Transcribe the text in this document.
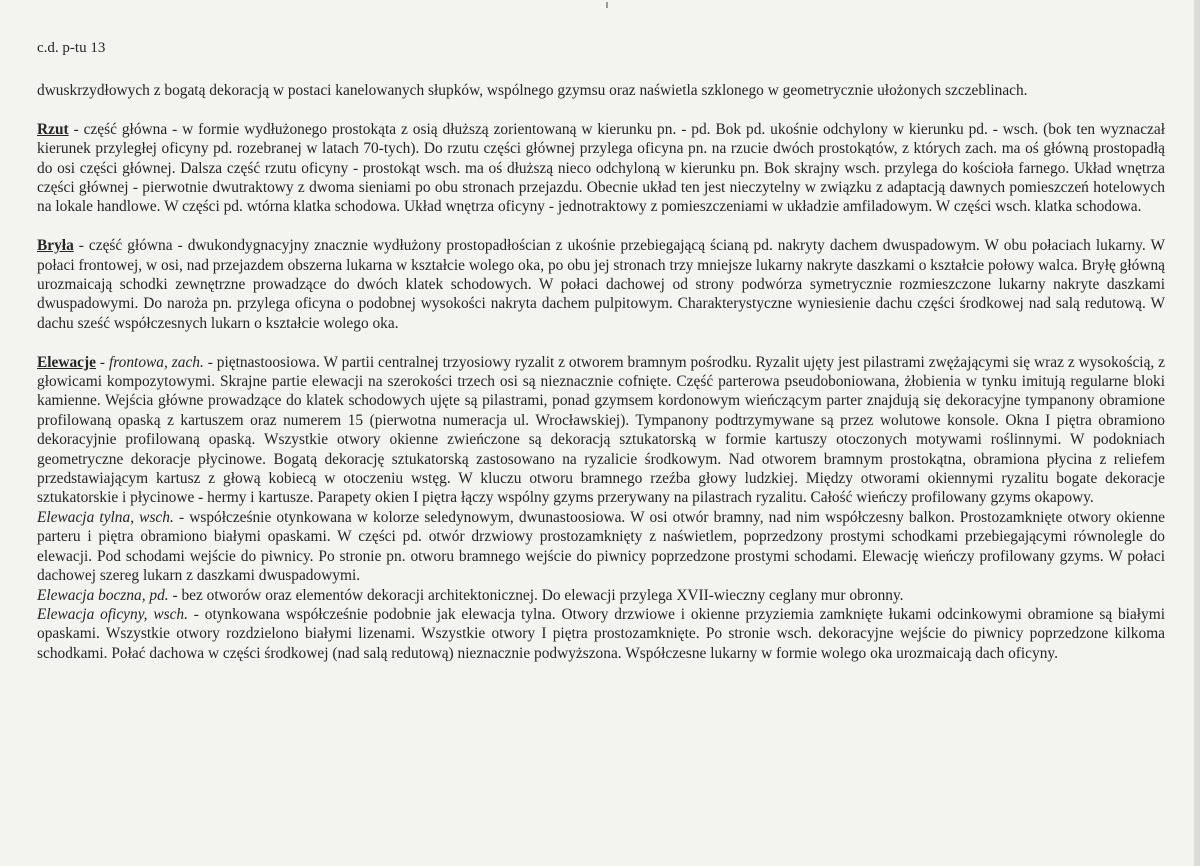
c.d. p-tu 13

dwuskrzydłowych z bogatą dekoracją w postaci kanelowanych słupków, wspólnego gzymsu oraz naświetla szklonego w geometrycznie ułożonych szczeblinach.

Rzut - część główna - w formie wydłużonego prostokąta z osią dłuższą zorientowaną w kierunku pn. - pd. Bok pd. ukośnie odchylony w kierunku pd. - wsch. (bok ten wyznaczał kierunek przyległej oficyny pd. rozebranej w latach 70-tych). Do rzutu części głównej przylega oficyna pn. na rzucie dwóch prostokątów, z których zach. ma oś główną prostopadłą do osi części głównej. Dalsza część rzutu oficyny - prostokąt wsch. ma oś dłuższą nieco odchyloną w kierunku pn. Bok skrajny wsch. przylega do kościoła farnego. Układ wnętrza części głównej - pierwotnie dwutraktowy z dwoma sieniami po obu stronach przejazdu. Obecnie układ ten jest nieczytelny w związku z adaptacją dawnych pomieszczeń hotelowych na lokale handlowe. W części pd. wtórna klatka schodowa. Układ wnętrza oficyny - jednotraktowy z pomieszczeniami w układzie amfiladowym. W części wsch. klatka schodowa.

Bryła - część główna - dwukondygnacyjny znacznie wydłużony prostopadłościan z ukośnie przebiegającą ścianą pd. nakryty dachem dwuspadowym. W obu połaciach lukarny. W połaci frontowej, w osi, nad przejazdem obszerna lukarna w kształcie wolego oka, po obu jej stronach trzy mniejsze lukarny nakryte daszkami o kształcie połowy walca. Bryłę główną urozmaicają schodki zewnętrzne prowadzące do dwóch klatek schodowych. W połaci dachowej od strony podwórza symetrycznie rozmieszczone lukarny nakryte daszkami dwuspadowymi. Do naroża pn. przylega oficyna o podobnej wysokości nakryta dachem pulpitowym. Charakterystyczne wyniesienie dachu części środkowej nad salą redutową. W dachu sześć współczesnych lukarn o kształcie wolego oka.

Elewacje - frontowa, zach. - piętnastoosiowa. W partii centralnej trzyosiowy ryzalit z otworem bramnym pośrodku. Ryzalit ujęty jest pilastrami zwężającymi się wraz z wysokością, z głowicami kompozytowymi. Skrajne partie elewacji na szerokości trzech osi są nieznacznie cofnięte. Część parterowa pseudoboniowana, żłobienia w tynku imitują regularne bloki kamienne. Wejścia główne prowadzące do klatek schodowych ujęte są pilastrami, ponad gzymsem kordonowym wieńczącym parter znajdują się dekoracyjne tympanony obramione profilowaną opaską z kartuszem oraz numerem 15 (pierwotna numeracja ul. Wrocławskiej). Tympanony podtrzymywane są przez wolutowe konsole. Okna I piętra obramiono dekoracyjnie profilowaną opaską. Wszystkie otwory okienne zwieńczone są dekoracją sztukatorską w formie kartuszy otoczonych motywami roślinnymi. W podokniach geometryczne dekoracje płycinowe. Bogatą dekorację sztukatorską zastosowano na ryzalicie środkowym. Nad otworem bramnym prostokątna, obramiona płycina z reliefem przedstawiającym kartusz z głową kobiecą w otoczeniu wstęg. W kluczu otworu bramnego rzeźba głowy ludzkiej. Między otworami okiennymi ryzalitu bogate dekoracje sztukatorskie i płycinowe - hermy i kartusze. Parapety okien I piętra łączy wspólny gzyms przerywany na pilastrach ryzalitu. Całość wieńczy profilowany gzyms okapowy.

Elewacja tylna, wsch. - współcześnie otynkowana w kolorze seledynowym, dwunastoosiowa. W osi otwór bramny, nad nim współczesny balkon. Prostozamknięte otwory okienne parteru i piętra obramiono białymi opaskami. W części pd. otwór drzwiowy prostozamknięty z naświetlem, poprzedzony prostymi schodkami przebiegającymi równolegle do elewacji. Pod schodami wejście do piwnicy. Po stronie pn. otworu bramnego wejście do piwnicy poprzedzone prostymi schodami. Elewację wieńczy profilowany gzyms. W połaci dachowej szereg lukarn z daszkami dwuspadowymi.

Elewacja boczna, pd. - bez otworów oraz elementów dekoracji architektonicznej. Do elewacji przylega XVII-wieczny ceglany mur obronny.

Elewacja oficyny, wsch. - otynkowana współcześnie podobnie jak elewacja tylna. Otwory drzwiowe i okienne przyziemia zamknięte łukami odcinkowymi obramione są białymi opaskami. Wszystkie otwory rozdzielono białymi lizenami. Wszystkie otwory I piętra prostozamknięte. Po stronie wsch. dekoracyjne wejście do piwnicy poprzedzone kilkoma schodkami. Połać dachowa w części środkowej (nad salą redutową) nieznacznie podwyższona. Współczesne lukarny w formie wolego oka urozmaicają dach oficyny.
